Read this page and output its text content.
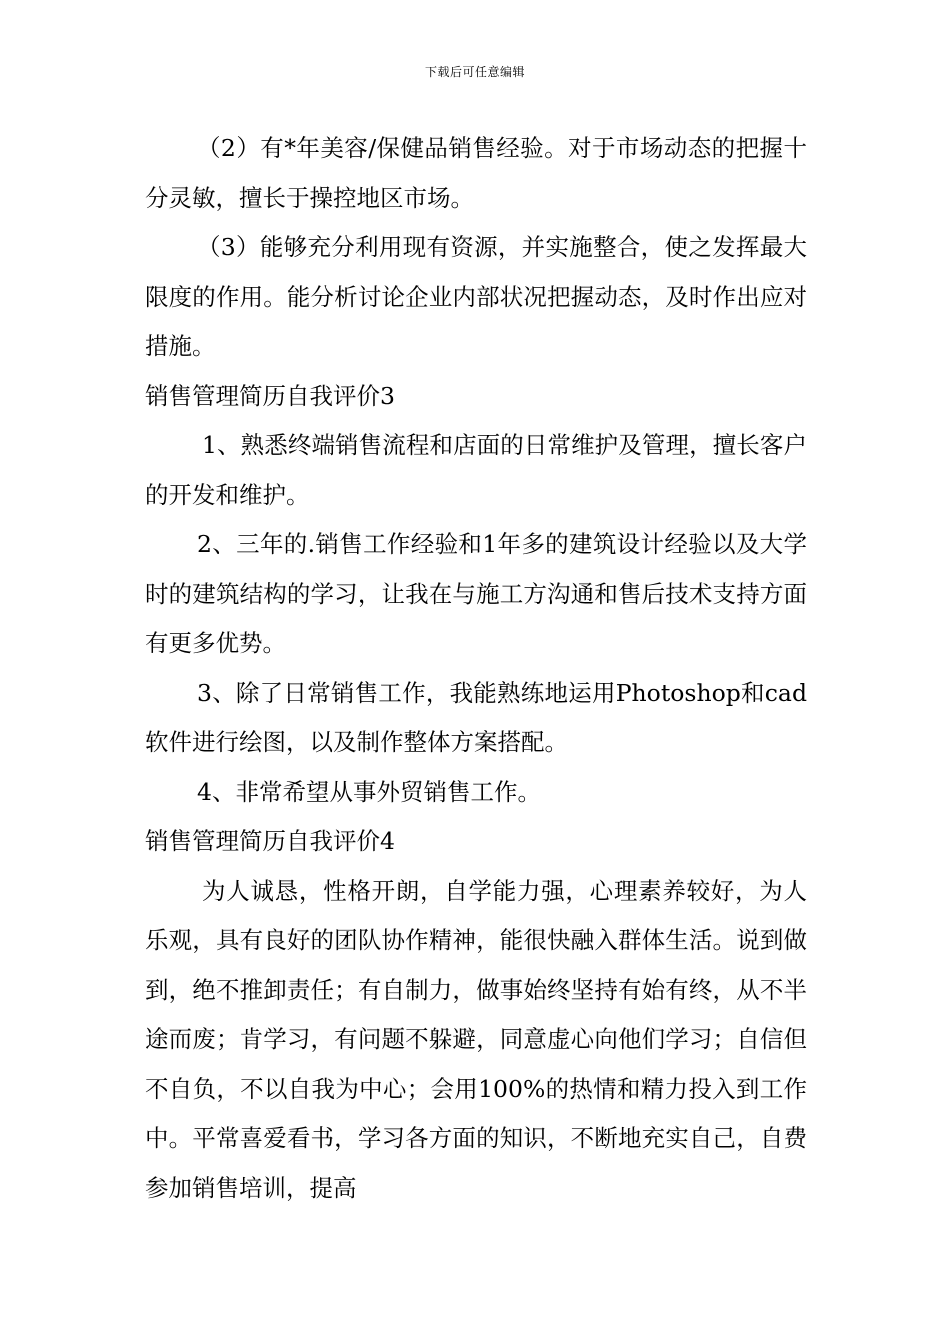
下载后可任意编辑

（2）有*年美容/保健品销售经验。对于市场动态的把握十分灵敏，擅长于操控地区市场。

（3）能够充分利用现有资源，并实施整合，使之发挥最大限度的作用。能分析讨论企业内部状况把握动态，及时作出应对措施。

销售管理简历自我评价3

1、熟悉终端销售流程和店面的日常维护及管理，擅长客户的开发和维护。

2、三年的.销售工作经验和1年多的建筑设计经验以及大学时的建筑结构的学习，让我在与施工方沟通和售后技术支持方面有更多优势。

3、除了日常销售工作，我能熟练地运用Photoshop和cad软件进行绘图，以及制作整体方案搭配。

4、非常希望从事外贸销售工作。

销售管理简历自我评价4

为人诚恳，性格开朗，自学能力强，心理素养较好，为人乐观，具有良好的团队协作精神，能很快融入群体生活。说到做到，绝不推卸责任；有自制力，做事始终坚持有始有终，从不半途而废；肯学习，有问题不躲避，同意虚心向他们学习；自信但不自负，不以自我为中心；会用100%的热情和精力投入到工作中。平常喜爱看书，学习各方面的知识，不断地充实自己，自费参加销售培训，提高
